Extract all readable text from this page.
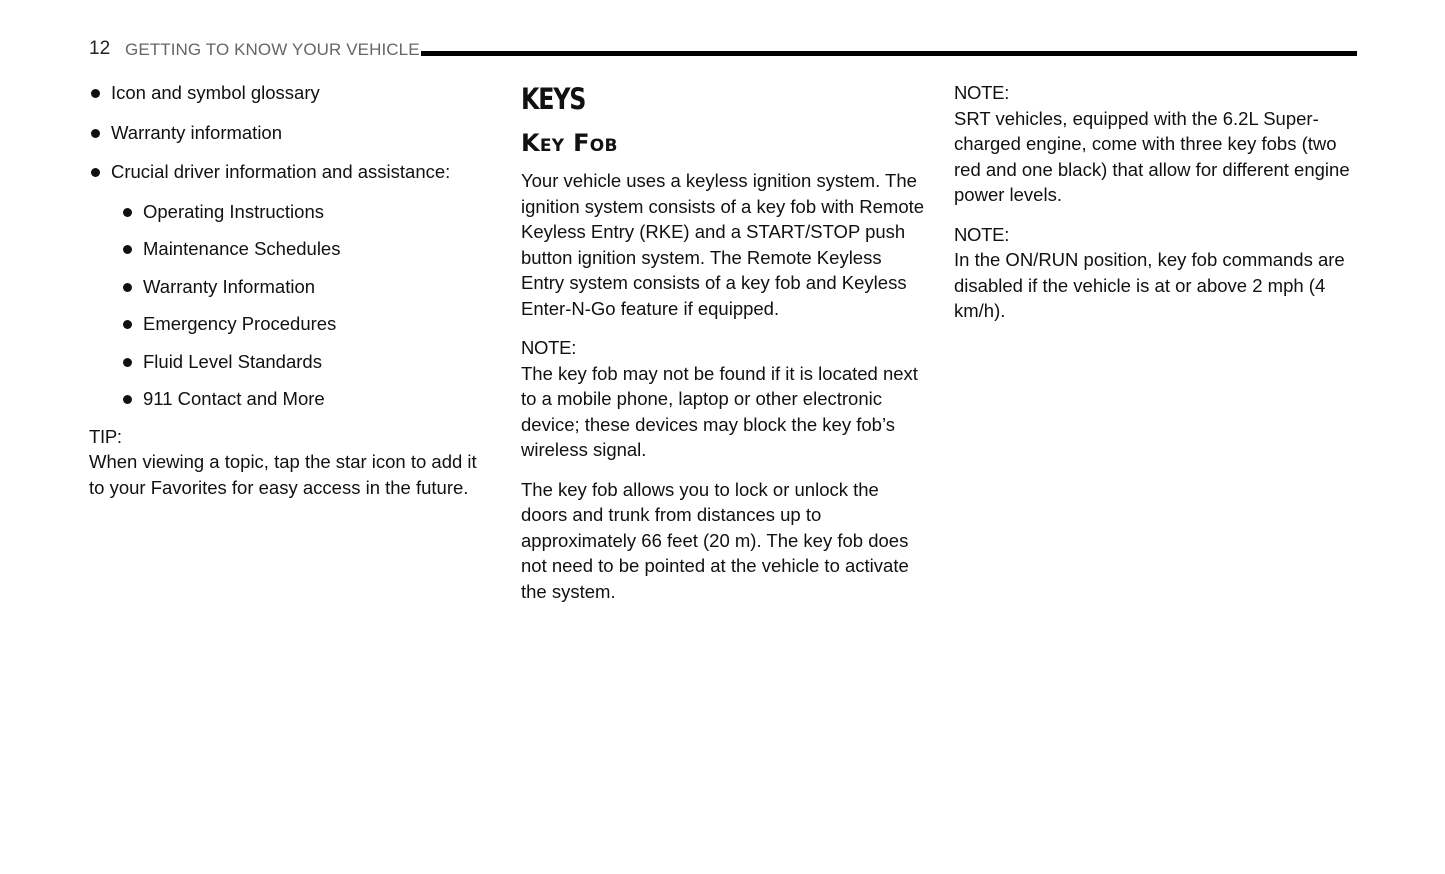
12 GETTING TO KNOW YOUR VEHICLE
Icon and symbol glossary
Warranty information
Crucial driver information and assistance:
Operating Instructions
Maintenance Schedules
Warranty Information
Emergency Procedures
Fluid Level Standards
911 Contact and More
TIP:

When viewing a topic, tap the star icon to add it to your Favorites for easy access in the future.

KEYS
Key Fob

Your vehicle uses a keyless ignition system. The ignition system consists of a key fob with Remote Keyless Entry (RKE) and a START/STOP push button ignition system. The Remote Keyless Entry system consists of a key fob and Keyless Enter-N-Go feature if equipped.

NOTE:

The key fob may not be found if it is located next to a mobile phone, laptop or other electronic device; these devices may block the key fob’s wireless signal.

The key fob allows you to lock or unlock the doors and trunk from distances up to approximately 66 feet (20 m). The key fob does not need to be pointed at the vehicle to activate the system.

NOTE:

SRT vehicles, equipped with the 6.2L Super-charged engine, come with three key fobs (two red and one black) that allow for different engine power levels.

NOTE:

In the ON/RUN position, key fob commands are disabled if the vehicle is at or above 2 mph (4 km/h).
